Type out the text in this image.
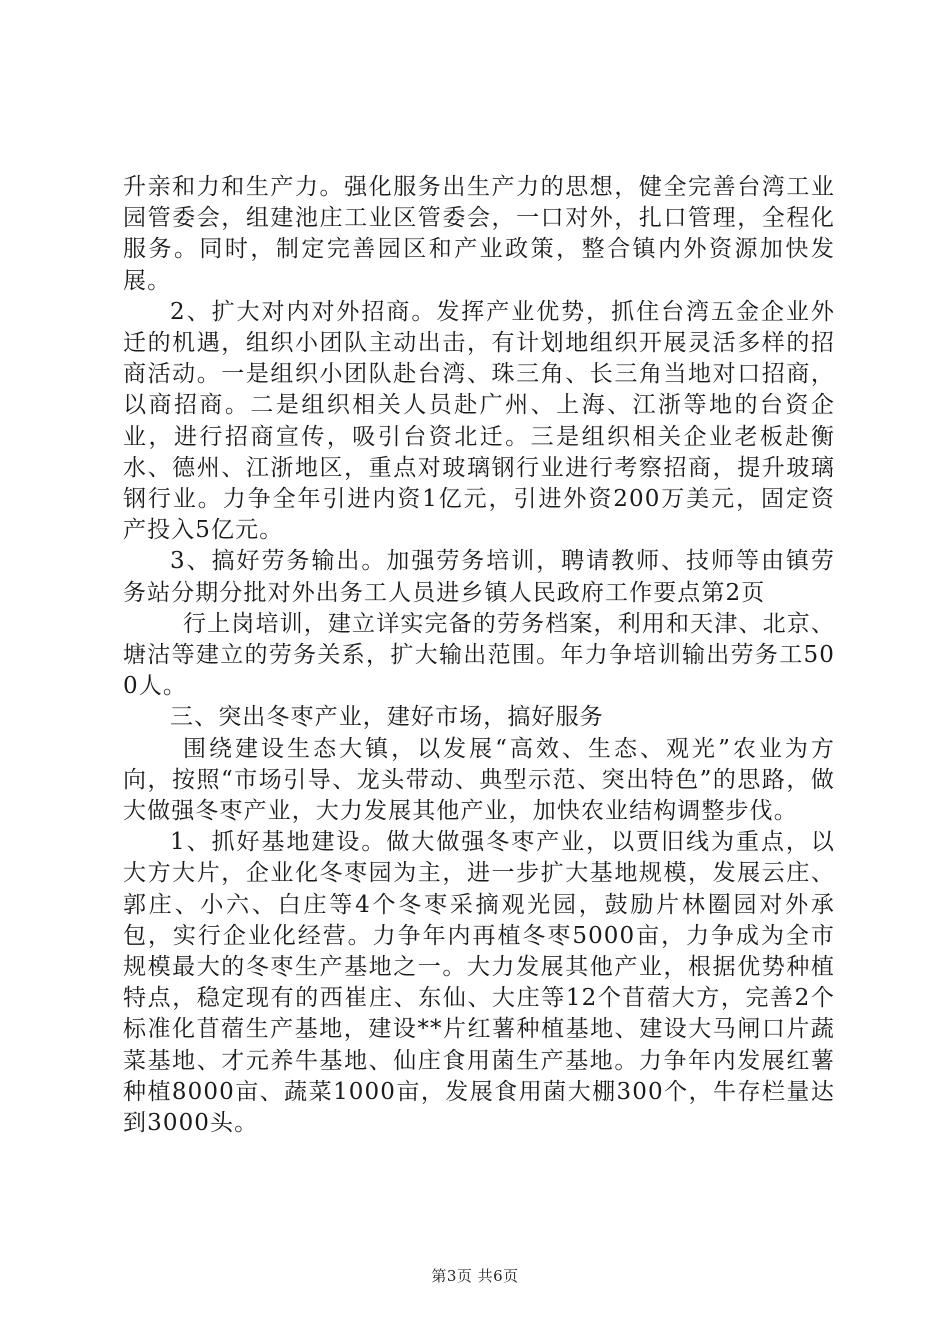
升亲和力和生产力。强化服务出生产力的思想，健全完善台湾工业园管委会，组建池庄工业区管委会，一口对外，扎口管理，全程化服务。同时，制定完善园区和产业政策，整合镇内外资源加快发展。

2、扩大对内对外招商。发挥产业优势，抓住台湾五金企业外迁的机遇，组织小团队主动出击，有计划地组织开展灵活多样的招商活动。一是组织小团队赴台湾、珠三角、长三角当地对口招商，以商招商。二是组织相关人员赴广州、上海、江浙等地的台资企业，进行招商宣传，吸引台资北迁。三是组织相关企业老板赴衡水、德州、江浙地区，重点对玻璃钢行业进行考察招商，提升玻璃钢行业。力争全年引进内资1亿元，引进外资200万美元，固定资产投入5亿元。

3、搞好劳务输出。加强劳务培训，聘请教师、技师等由镇劳务站分期分批对外出务工人员进乡镇人民政府工作要点第2页

行上岗培训，建立详实完备的劳务档案，利用和天津、北京、塘沽等建立的劳务关系，扩大输出范围。年力争培训输出劳务工500人。

三、突出冬枣产业，建好市场，搞好服务

围绕建设生态大镇，以发展“高效、生态、观光”农业为方向，按照“市场引导、龙头带动、典型示范、突出特色”的思路，做大做强冬枣产业，大力发展其他产业，加快农业结构调整步伐。

1、抓好基地建设。做大做强冬枣产业，以贾旧线为重点，以大方大片，企业化冬枣园为主，进一步扩大基地规模，发展云庄、郭庄、小六、白庄等4个冬枣采摘观光园，鼓励片林圈园对外承包，实行企业化经营。力争年内再植冬枣5000亩，力争成为全市规模最大的冬枣生产基地之一。大力发展其他产业，根据优势种植特点，稳定现有的西崔庄、东仙、大庄等12个苜蓿大方，完善2个标准化苜蓿生产基地，建设**片红薯种植基地、建设大马闸口片蔬菜基地、才元养牛基地、仙庄食用菌生产基地。力争年内发展红薯种植8000亩、蔬菜1000亩，发展食用菌大棚300个，牛存栏量达到3000头。

第3页 共6页
